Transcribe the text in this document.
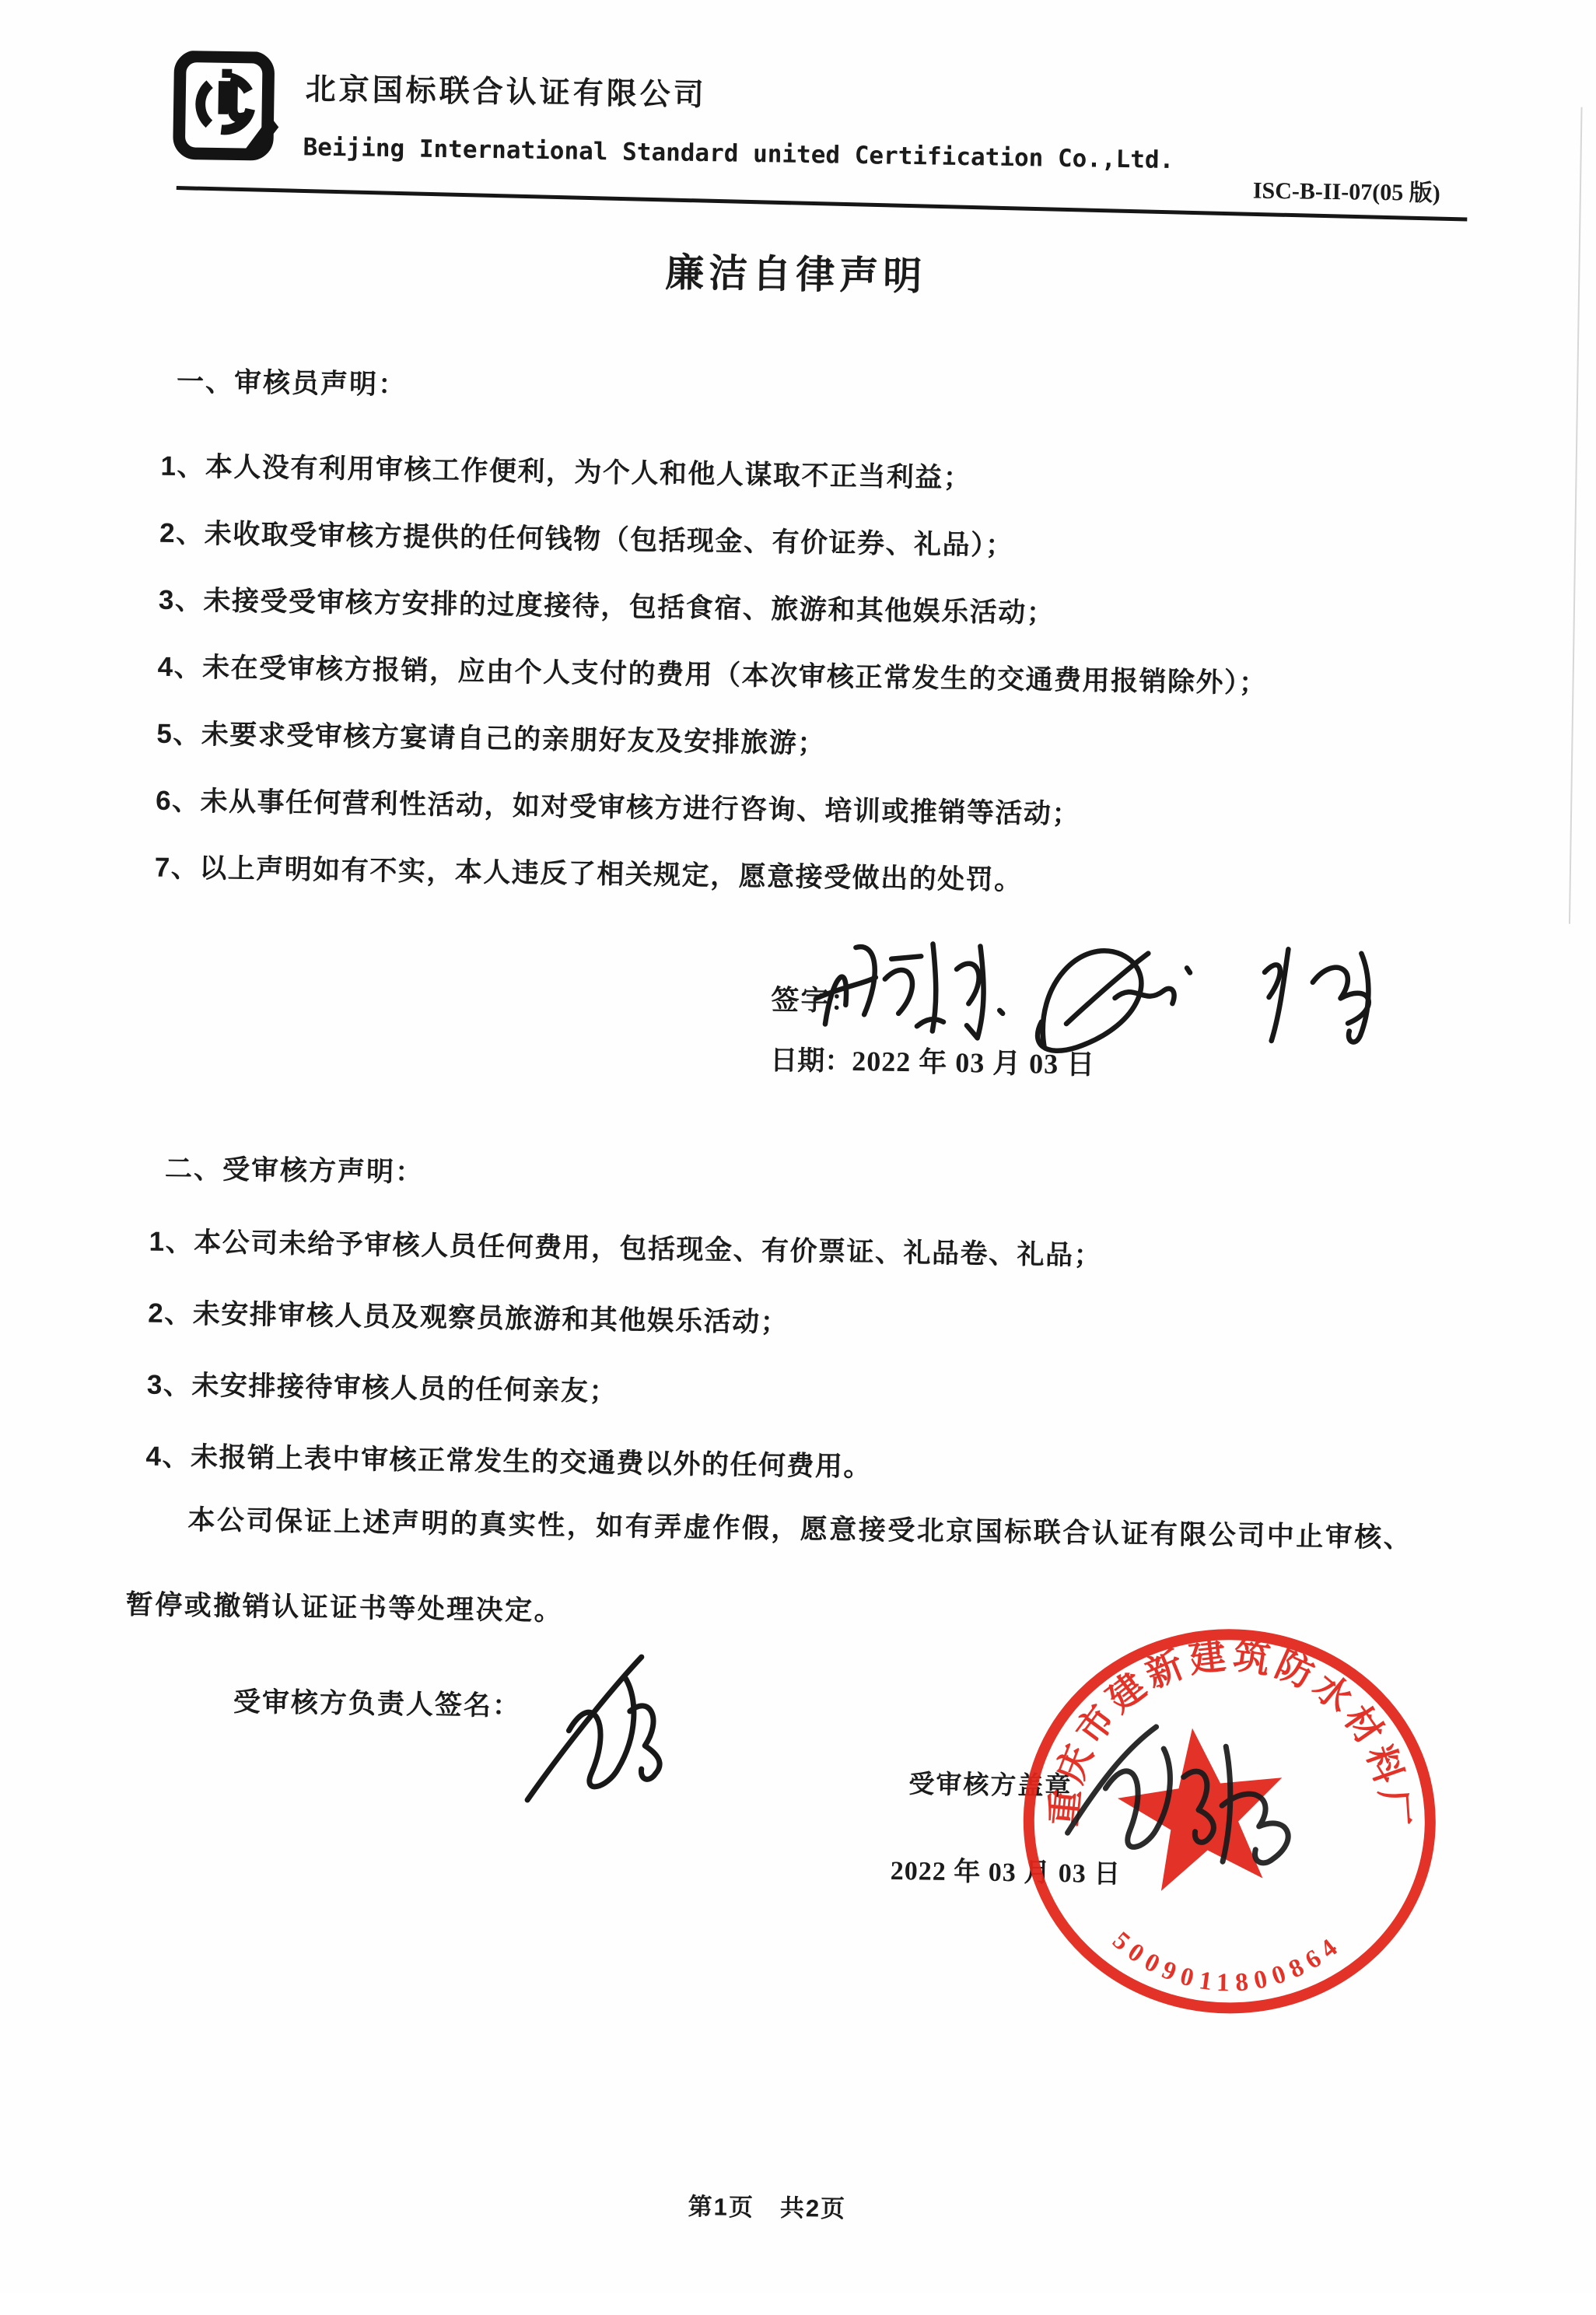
北京国标联合认证有限公司
Beijing International Standard united Certification Co.,Ltd.
ISC-B-II-07(05 版)
廉洁自律声明
一、审核员声明：
1、本人没有利用审核工作便利，为个人和他人谋取不正当利益；
2、未收取受审核方提供的任何钱物（包括现金、有价证券、礼品）；
3、未接受受审核方安排的过度接待，包括食宿、旅游和其他娱乐活动；
4、未在受审核方报销，应由个人支付的费用（本次审核正常发生的交通费用报销除外）；
5、未要求受审核方宴请自己的亲朋好友及安排旅游；
6、未从事任何营利性活动，如对受审核方进行咨询、培训或推销等活动；
7、以上声明如有不实，本人违反了相关规定，愿意接受做出的处罚。
签字：
日期：2022 年 03 月 03 日
二、受审核方声明：
1、本公司未给予审核人员任何费用，包括现金、有价票证、礼品卷、礼品；
2、未安排审核人员及观察员旅游和其他娱乐活动；
3、未安排接待审核人员的任何亲友；
4、未报销上表中审核正常发生的交通费以外的任何费用。
本公司保证上述声明的真实性，如有弄虚作假，愿意接受北京国标联合认证有限公司中止审核、暂停或撤销认证证书等处理决定。
受审核方负责人签名：
受审核方盖章
2022 年 03 月 03 日
重庆市建新建筑防水材料厂
5009011800864
第1页　共2页
